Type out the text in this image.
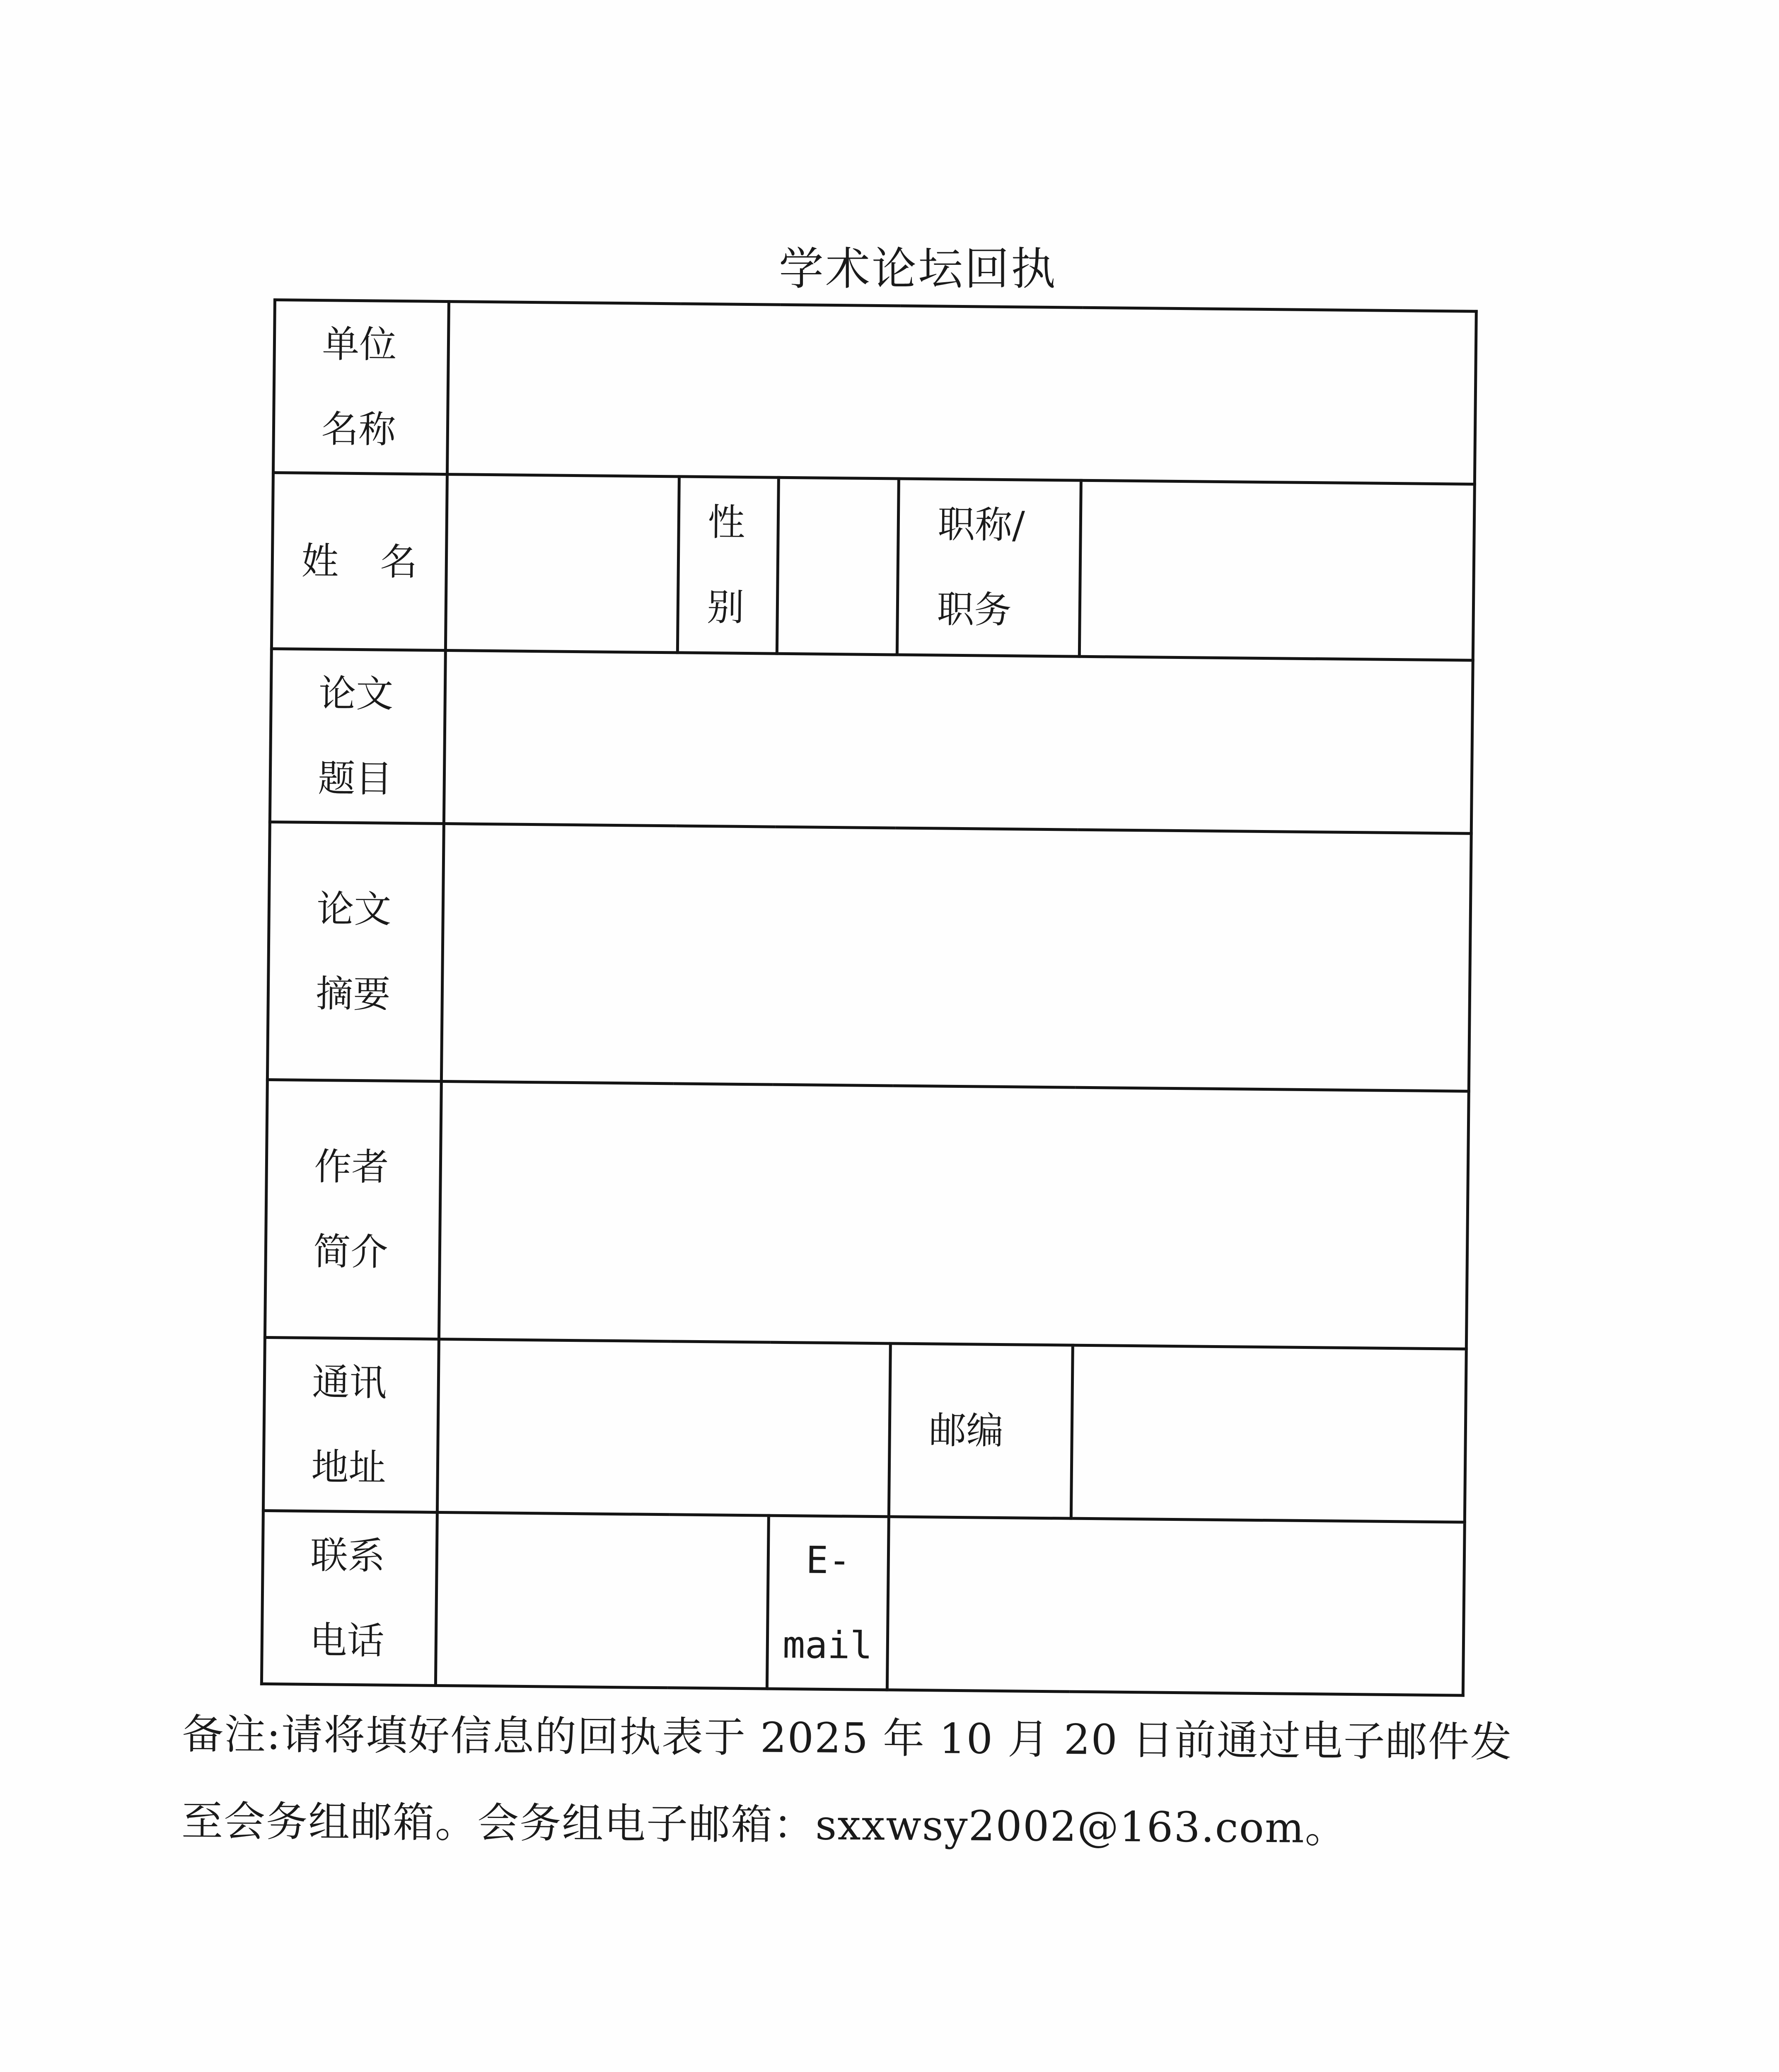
学术论坛回执
单位名称					
姓　名		性别		职称/职务	
论文题目					
论文摘要					
作者简介					
通讯地址				邮编	
联系电话			E-mail		
备注:请将填好信息的回执表于 2025 年 10 月 20 日前通过电子邮件发至会务组邮箱。会务组电子邮箱：sxxwsy2002@163.com。
